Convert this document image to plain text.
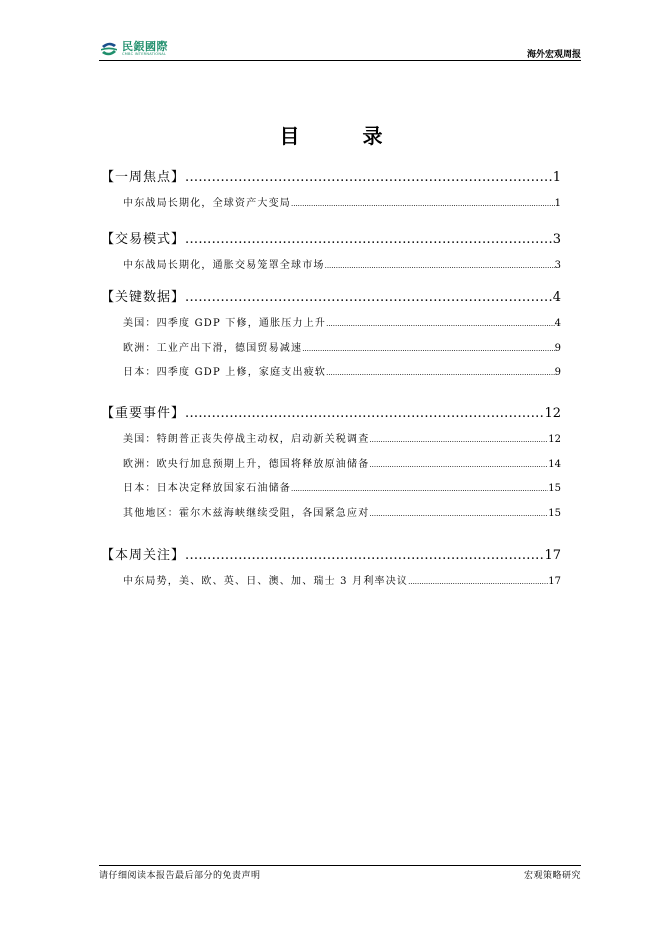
民銀國際
CMBC INTERNATIONAL	海外宏观周报
目 录
【一周焦点】 .....	1
中东战局长期化，全球资产大变局 .....	1
【交易模式】 .....	3
中东战局长期化，通胀交易笼罩全球市场 .....	3
【关键数据】 .....	4
美国：四季度 GDP 下修，通胀压力上升 .....	4
欧洲：工业产出下滑，德国贸易减速 .....	9
日本：四季度 GDP 上修，家庭支出疲软 .....	9
【重要事件】 .....	12
美国：特朗普正丧失停战主动权，启动新关税调查 .....	12
欧洲：欧央行加息预期上升，德国将释放原油储备 .....	14
日本：日本决定释放国家石油储备 .....	15
其他地区：霍尔木兹海峡继续受阻，各国紧急应对 .....	15
【本周关注】 .....	17
中东局势，美、欧、英、日、澳、加、瑞士 3 月利率决议 .....	17
请仔细阅读本报告最后部分的免责声明	宏观策略研究
